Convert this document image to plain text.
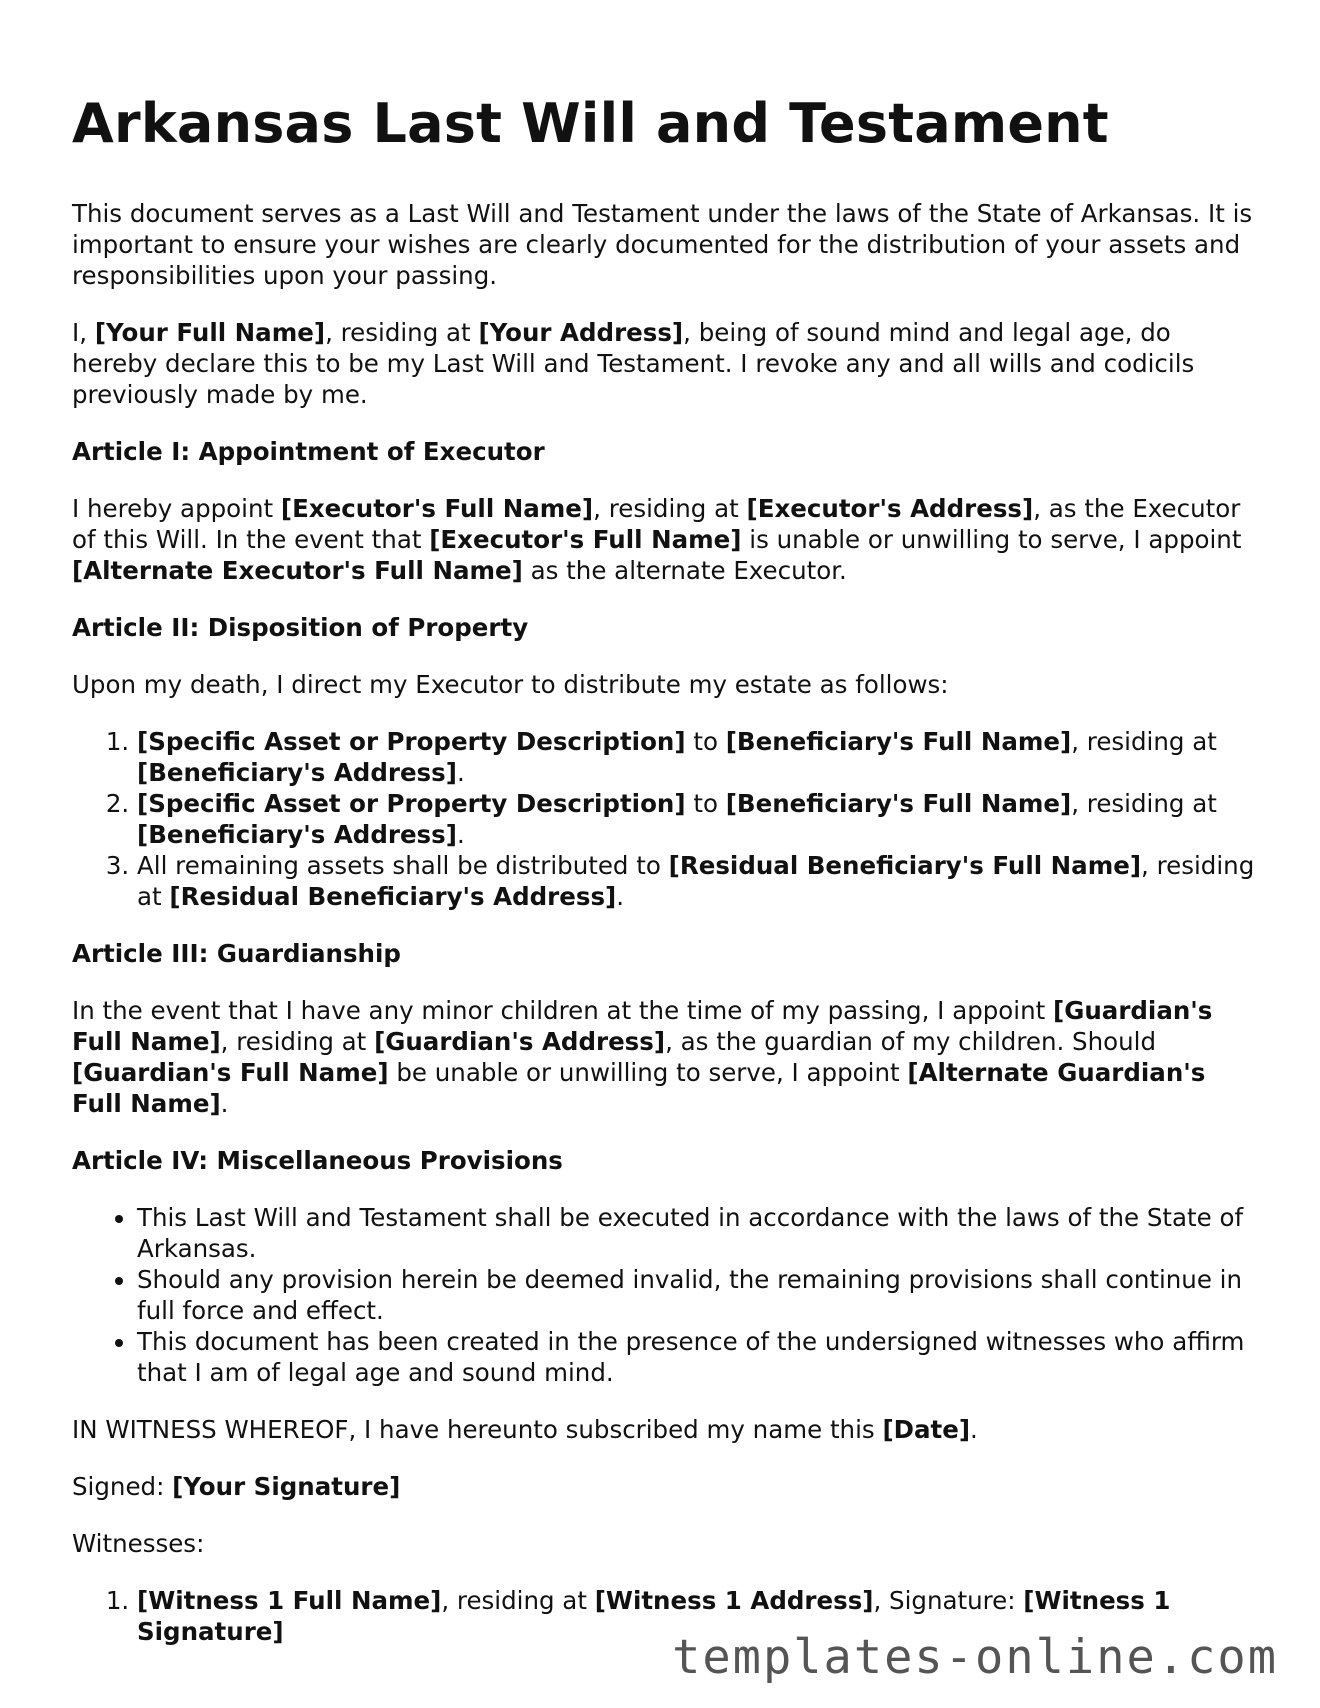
Arkansas Last Will and Testament

This document serves as a Last Will and Testament under the laws of the State of Arkansas. It is important to ensure your wishes are clearly documented for the distribution of your assets and responsibilities upon your passing.

I, [Your Full Name], residing at [Your Address], being of sound mind and legal age, do hereby declare this to be my Last Will and Testament. I revoke any and all wills and codicils previously made by me.

Article I: Appointment of Executor

I hereby appoint [Executor's Full Name], residing at [Executor's Address], as the Executor of this Will. In the event that [Executor's Full Name] is unable or unwilling to serve, I appoint [Alternate Executor's Full Name] as the alternate Executor.

Article II: Disposition of Property

Upon my death, I direct my Executor to distribute my estate as follows:

1. [Specific Asset or Property Description] to [Beneficiary's Full Name], residing at [Beneficiary's Address].
2. [Specific Asset or Property Description] to [Beneficiary's Full Name], residing at [Beneficiary's Address].
3. All remaining assets shall be distributed to [Residual Beneficiary's Full Name], residing at [Residual Beneficiary's Address].

Article III: Guardianship

In the event that I have any minor children at the time of my passing, I appoint [Guardian's Full Name], residing at [Guardian's Address], as the guardian of my children. Should [Guardian's Full Name] be unable or unwilling to serve, I appoint [Alternate Guardian's Full Name].

Article IV: Miscellaneous Provisions

• This Last Will and Testament shall be executed in accordance with the laws of the State of Arkansas.
• Should any provision herein be deemed invalid, the remaining provisions shall continue in full force and effect.
• This document has been created in the presence of the undersigned witnesses who affirm that I am of legal age and sound mind.

IN WITNESS WHEREOF, I have hereunto subscribed my name this [Date].

Signed: [Your Signature]

Witnesses:

1. [Witness 1 Full Name], residing at [Witness 1 Address], Signature: [Witness 1 Signature]	templates-online.com
